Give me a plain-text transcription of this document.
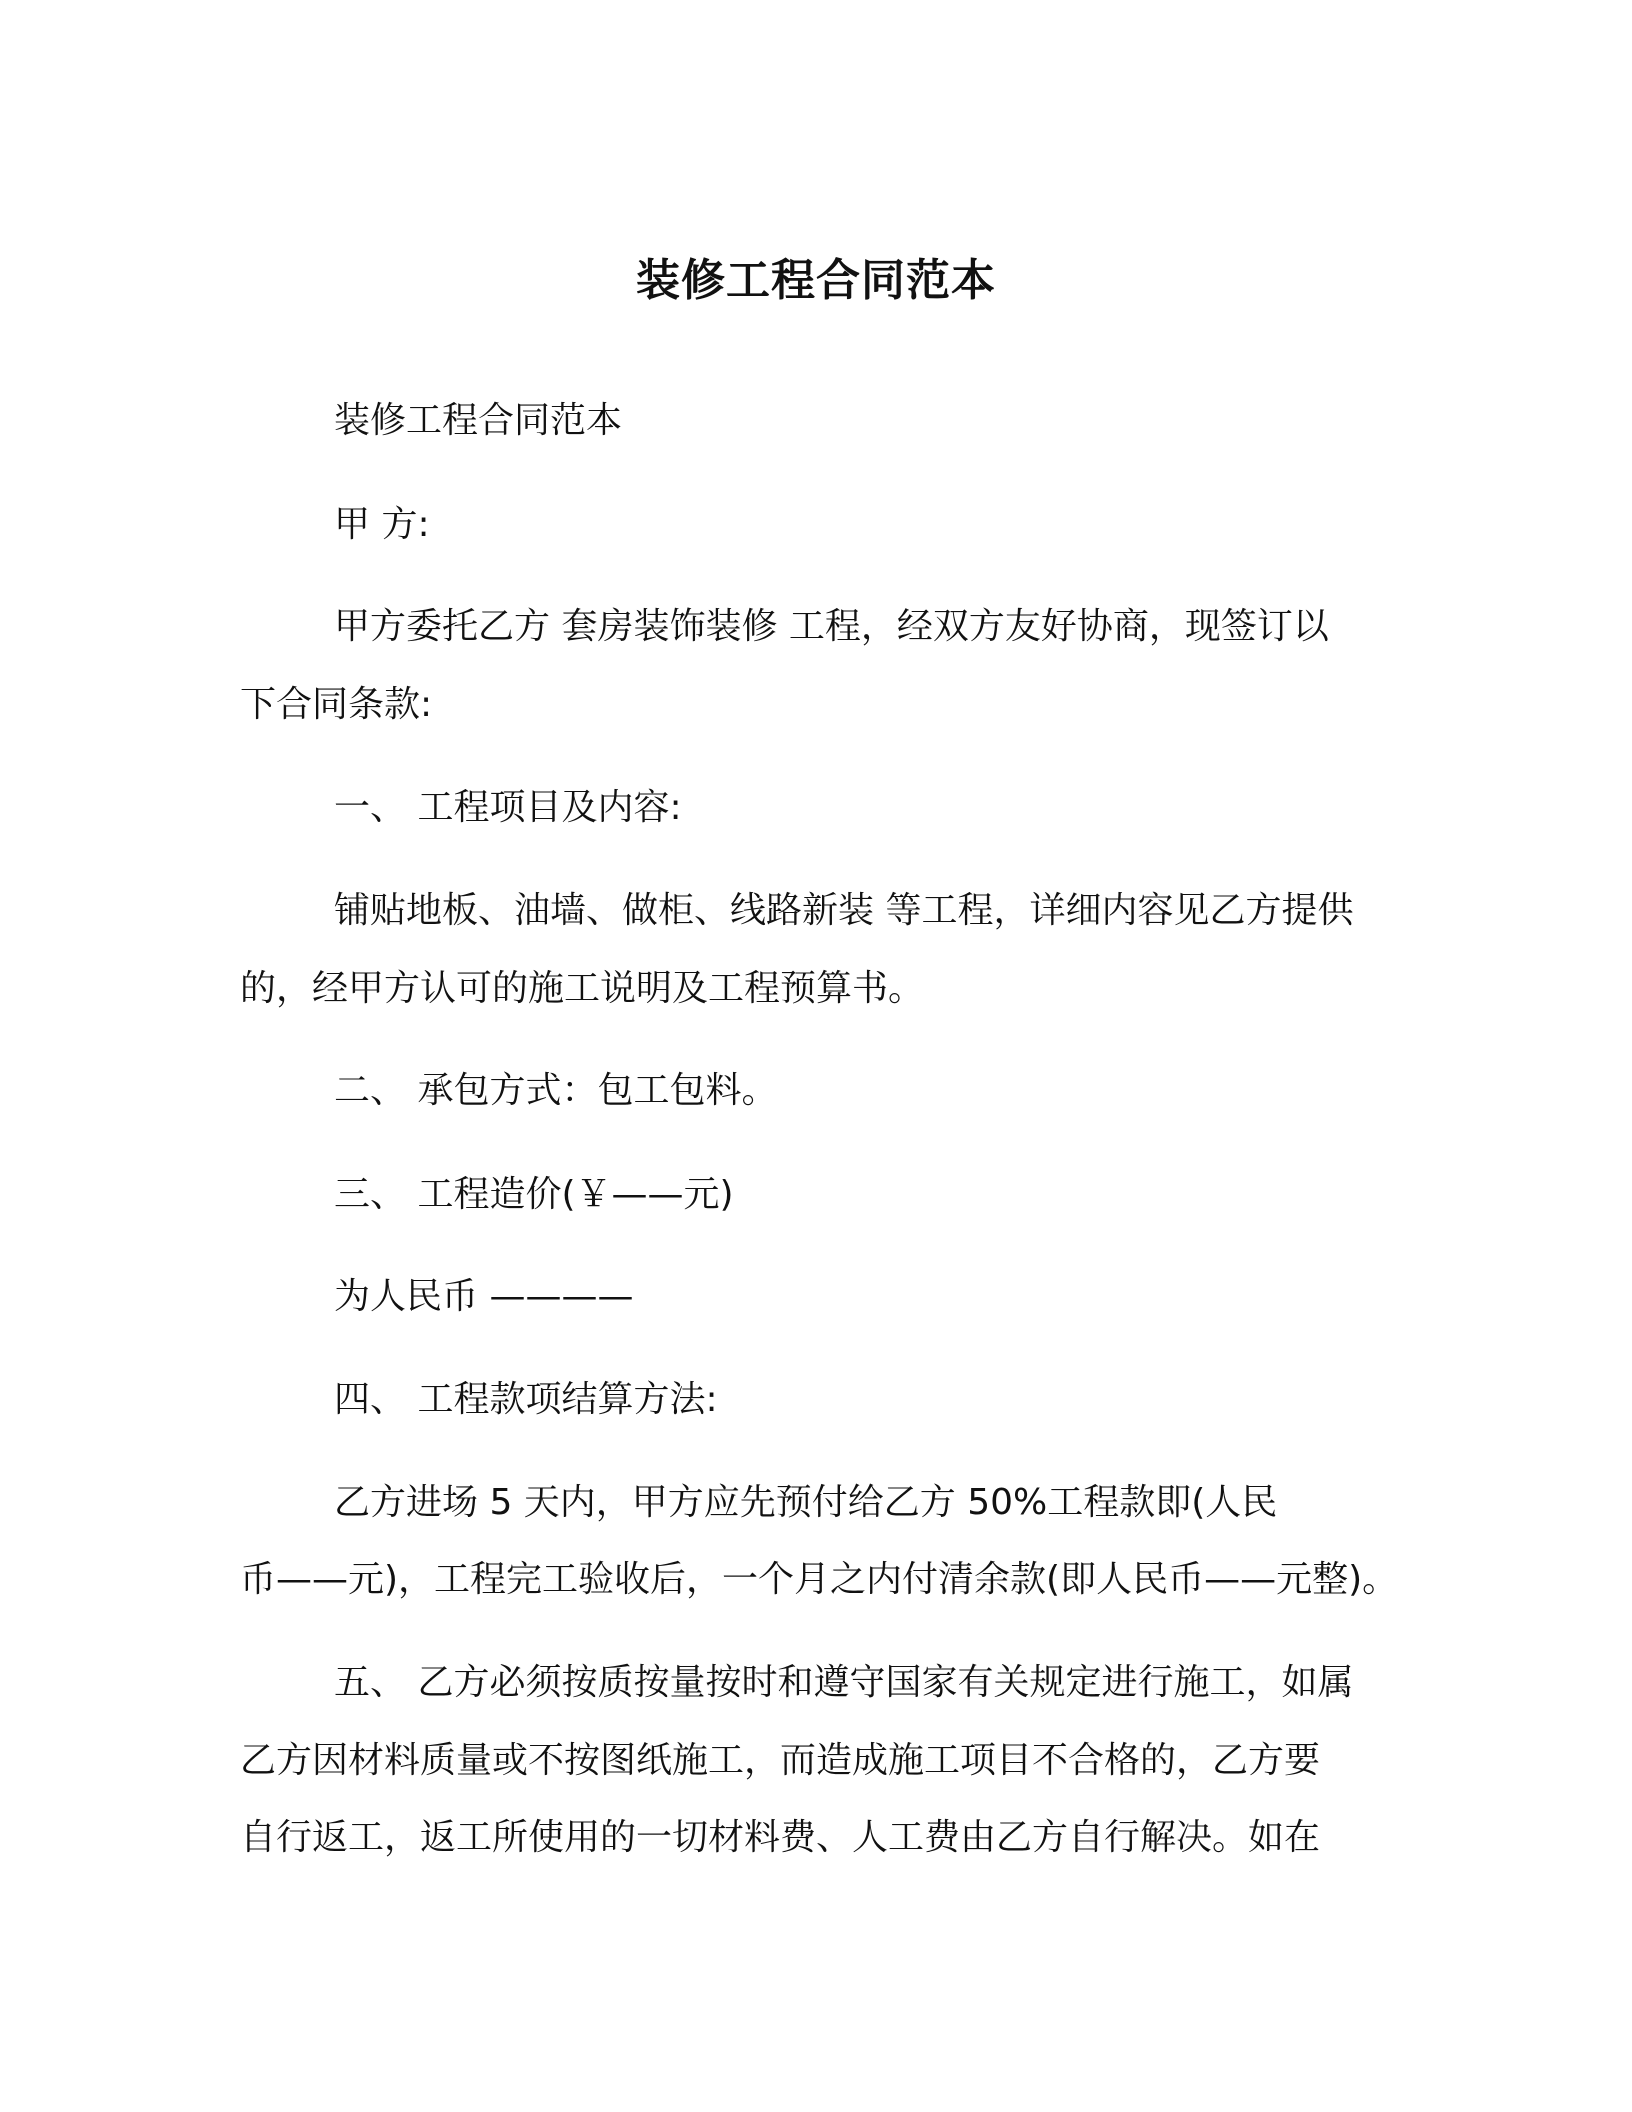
装修工程合同范本

装修工程合同范本

甲 方:

甲方委托乙方 套房装饰装修 工程，经双方友好协商，现签订以

下合同条款:

一、 工程项目及内容:

铺贴地板、油墙、做柜、线路新装 等工程，详细内容见乙方提供

的，经甲方认可的施工说明及工程预算书。

二、 承包方式：包工包料。

三、 工程造价(￥——元)

为人民币 ————

四、 工程款项结算方法:

乙方进场 5 天内，甲方应先预付给乙方 50%工程款即(人民

币——元)，工程完工验收后，一个月之内付清余款(即人民币——元整)。

五、 乙方必须按质按量按时和遵守国家有关规定进行施工，如属

乙方因材料质量或不按图纸施工，而造成施工项目不合格的，乙方要

自行返工，返工所使用的一切材料费、人工费由乙方自行解决。如在
